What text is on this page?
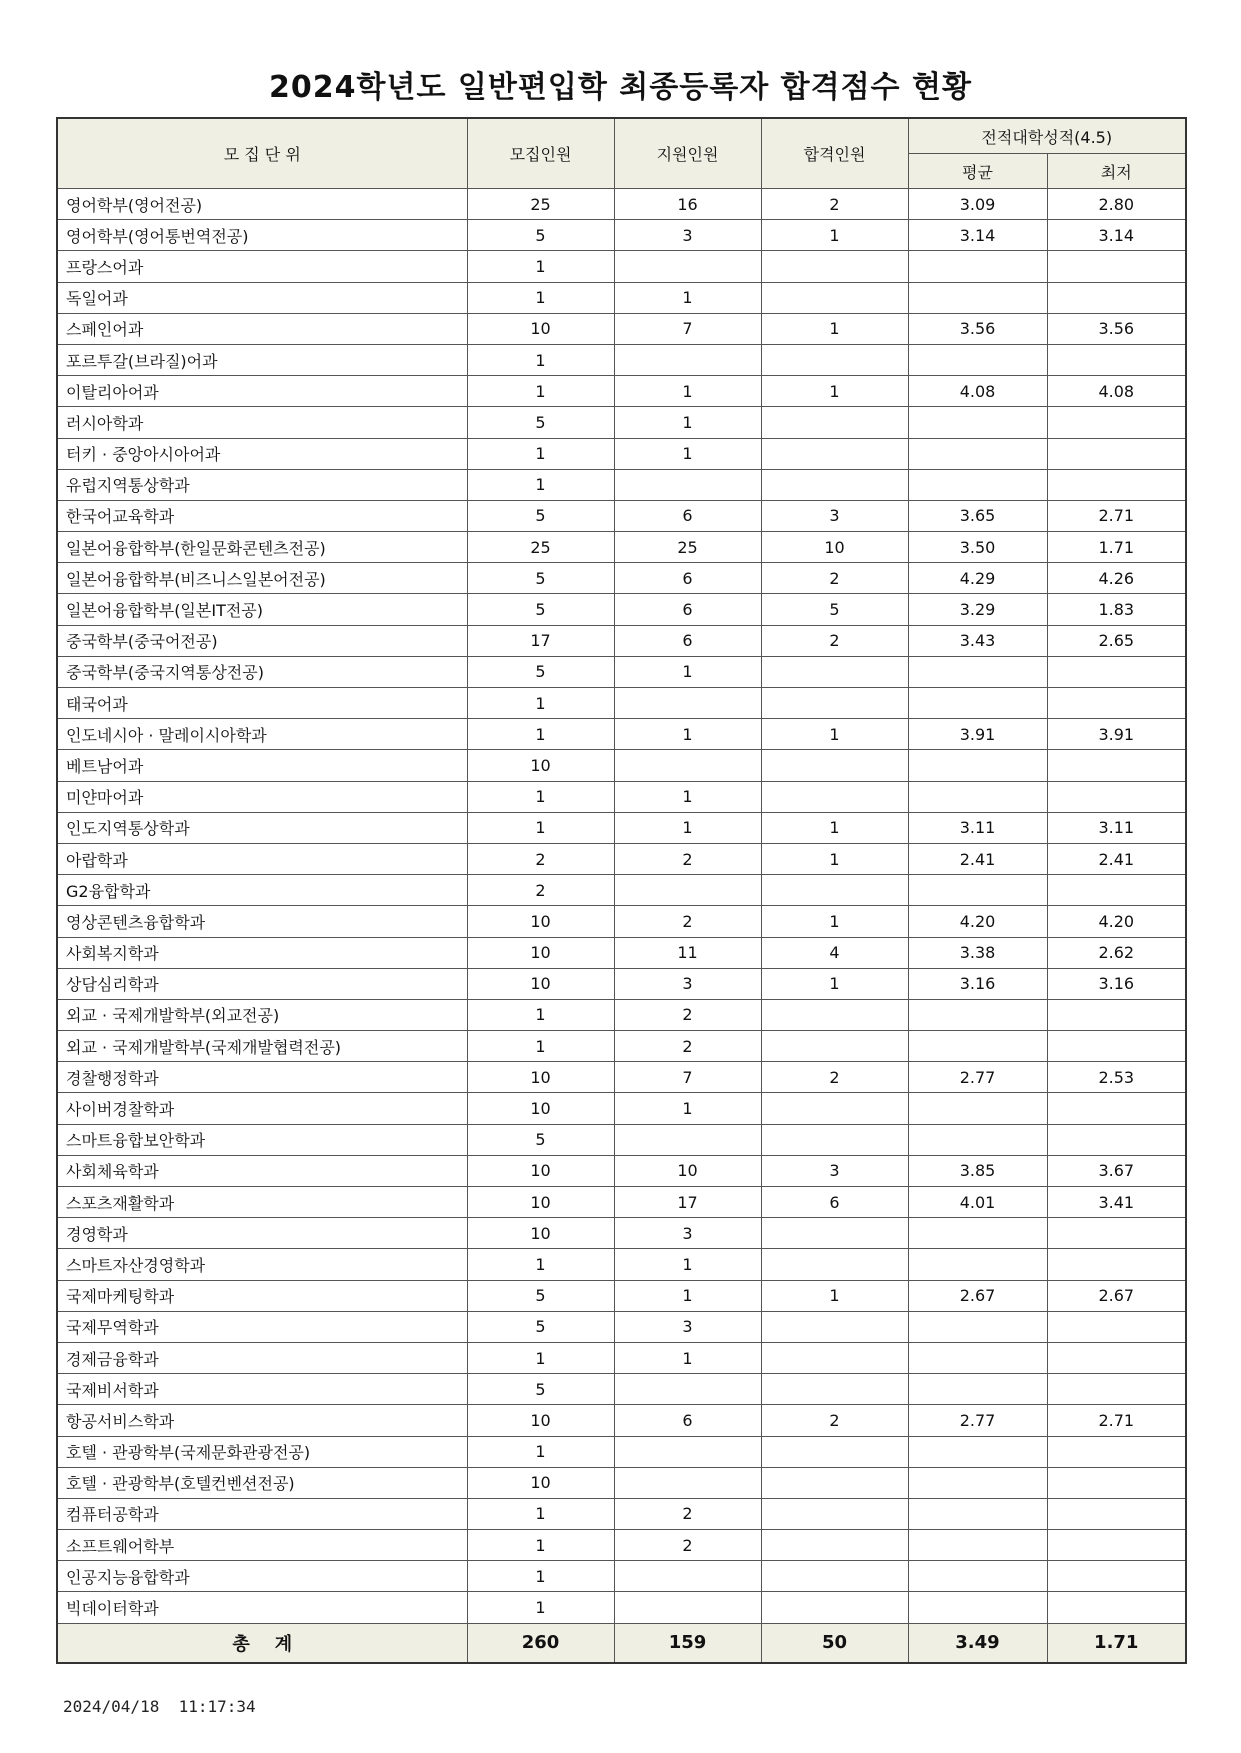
2024학년도 일반편입학 최종등록자 합격점수 현황
모 집 단 위	모집인원	지원인원	합격인원	전적대학성적(4.5)	
				평균	최저
영어학부(영어전공)	25	16	2	3.09	2.80
영어학부(영어통번역전공)	5	3	1	3.14	3.14
프랑스어과	1				
독일어과	1	1			
스페인어과	10	7	1	3.56	3.56
포르투갈(브라질)어과	1				
이탈리아어과	1	1	1	4.08	4.08
러시아학과	5	1			
터키 · 중앙아시아어과	1	1			
유럽지역통상학과	1				
한국어교육학과	5	6	3	3.65	2.71
일본어융합학부(한일문화콘텐츠전공)	25	25	10	3.50	1.71
일본어융합학부(비즈니스일본어전공)	5	6	2	4.29	4.26
일본어융합학부(일본IT전공)	5	6	5	3.29	1.83
중국학부(중국어전공)	17	6	2	3.43	2.65
중국학부(중국지역통상전공)	5	1			
태국어과	1				
인도네시아 · 말레이시아학과	1	1	1	3.91	3.91
베트남어과	10				
미얀마어과	1	1			
인도지역통상학과	1	1	1	3.11	3.11
아랍학과	2	2	1	2.41	2.41
G2융합학과	2				
영상콘텐츠융합학과	10	2	1	4.20	4.20
사회복지학과	10	11	4	3.38	2.62
상담심리학과	10	3	1	3.16	3.16
외교 · 국제개발학부(외교전공)	1	2			
외교 · 국제개발학부(국제개발협력전공)	1	2			
경찰행정학과	10	7	2	2.77	2.53
사이버경찰학과	10	1			
스마트융합보안학과	5				
사회체육학과	10	10	3	3.85	3.67
스포츠재활학과	10	17	6	4.01	3.41
경영학과	10	3			
스마트자산경영학과	1	1			
국제마케팅학과	5	1	1	2.67	2.67
국제무역학과	5	3			
경제금융학과	1	1			
국제비서학과	5				
항공서비스학과	10	6	2	2.77	2.71
호텔 · 관광학부(국제문화관광전공)	1				
호텔 · 관광학부(호텔컨벤션전공)	10				
컴퓨터공학과	1	2			
소프트웨어학부	1	2			
인공지능융합학과	1				
빅데이터학과	1				
총    계	260	159	50	3.49	1.71
2024/04/18  11:17:34
